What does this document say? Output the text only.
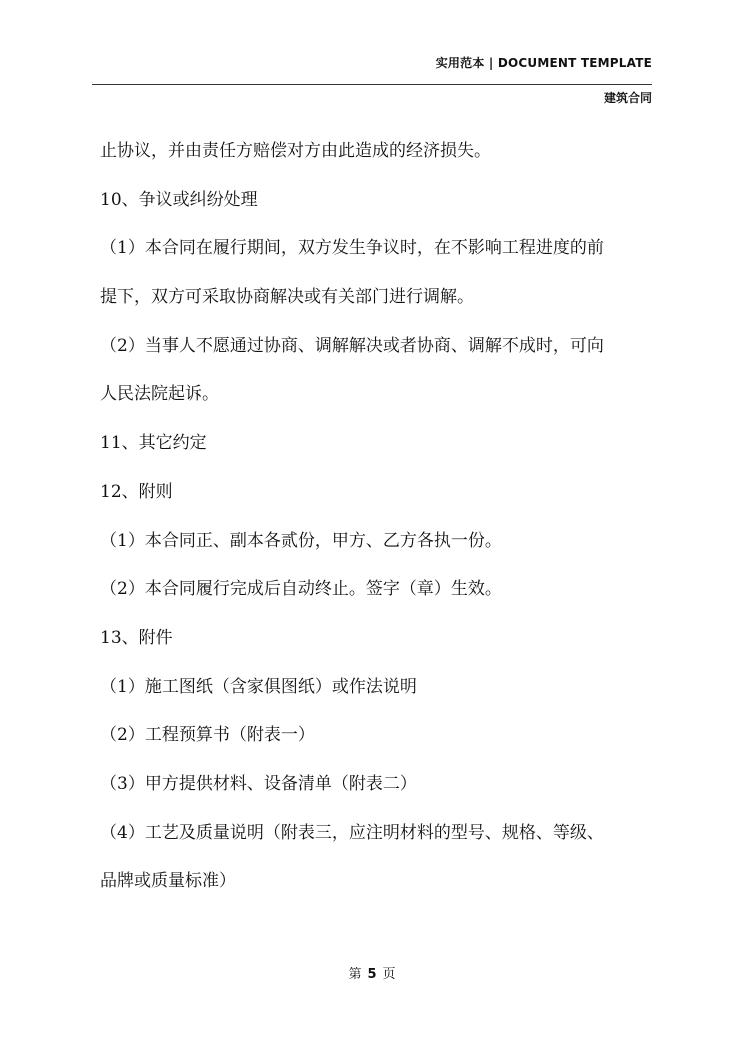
实用范本 | DOCUMENT TEMPLATE
建筑合同
止协议，并由责任方赔偿对方由此造成的经济损失。
10、争议或纠纷处理
（1）本合同在履行期间，双方发生争议时，在不影响工程进度的前
提下，双方可采取协商解决或有关部门进行调解。
（2）当事人不愿通过协商、调解解决或者协商、调解不成时，可向
人民法院起诉。
11、其它约定
12、附则
（1）本合同正、副本各贰份，甲方、乙方各执一份。
（2）本合同履行完成后自动终止。签字（章）生效。
13、附件
（1）施工图纸（含家俱图纸）或作法说明
（2）工程预算书（附表一）
（3）甲方提供材料、设备清单（附表二）
（4）工艺及质量说明（附表三，应注明材料的型号、规格、等级、
品牌或质量标准）
第 5 页
